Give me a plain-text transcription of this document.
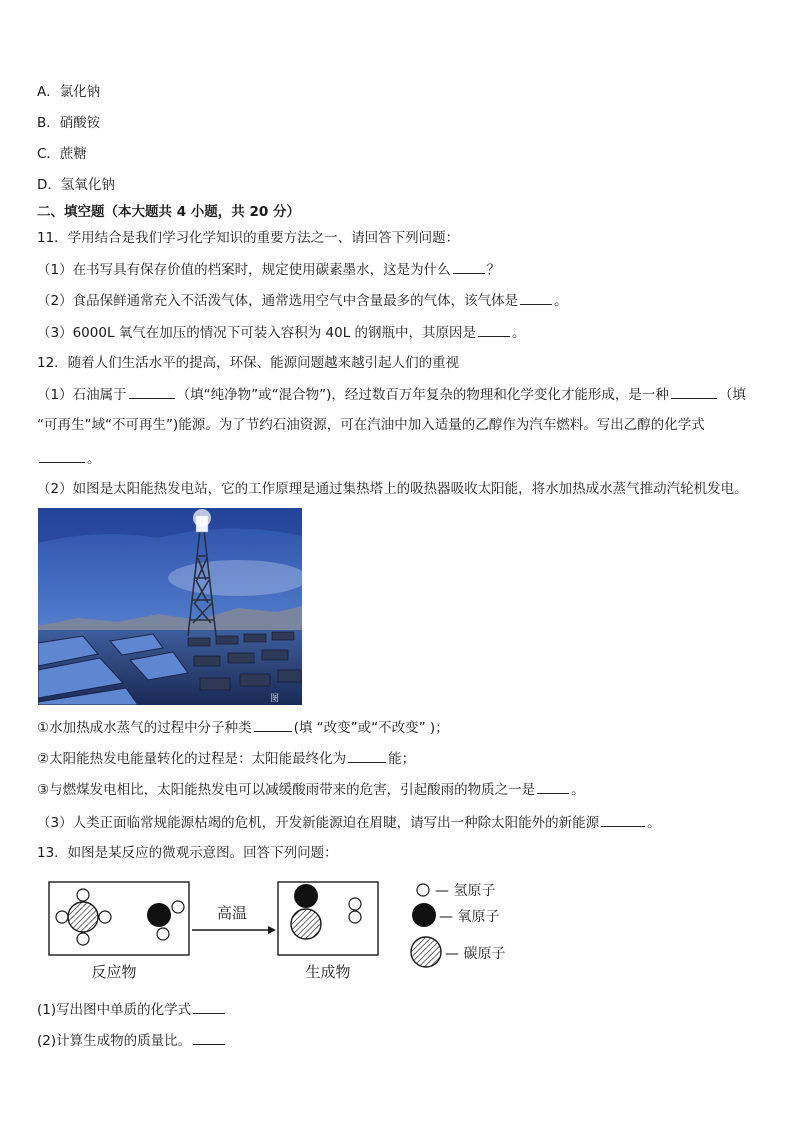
A．氯化钠
B．硝酸铵
C．蔗糖
D．氢氧化钠
二、填空题（本大题共 4 小题，共 20 分）
11．学用结合是我们学习化学知识的重要方法之一、请回答下列问题：
（1）在书写具有保存价值的档案时，规定使用碳素墨水，这是为什么	？
（2）食品保鲜通常充入不活泼气体，通常选用空气中含量最多的气体，该气体是	。
（3）6000L 氧气在加压的情况下可装入容积为 40L 的钢瓶中，其原因是	。
12．随着人们生活水平的提高，环保、能源问题越来越引起人们的重视
（1）石油属于	（填“纯净物”或“混合物”)，经过数百万年复杂的物理和化学变化才能形成，是一种	（填
“可再生”域“不可再生”)能源。为了节约石油资源，可在汽油中加入适量的乙醇作为汽车燃料。写出乙醇的化学式
。
（2）如图是太阳能热发电站，它的工作原理是通过集热塔上的吸热器吸收太阳能，将水加热成水蒸气推动汽轮机发电。
图
①水加热成水蒸气的过程中分子种类	(填 “改变”或“不改变” )；
②太阳能热发电能量转化的过程是：太阳能最终化为	能；
③与燃煤发电相比，太阳能热发电可以减缓酸雨带来的危害，引起酸雨的物质之一是	。
（3）人类正面临常规能源枯竭的危机，开发新能源迫在眉睫，请写出一种除太阳能外的新能源	。
13．如图是某反应的微观示意图。回答下列问题：
高温
反应物	生成物
— 氢原子
— 氧原子
— 碳原子
(1)写出图中单质的化学式
(2)计算生成物的质量比。
